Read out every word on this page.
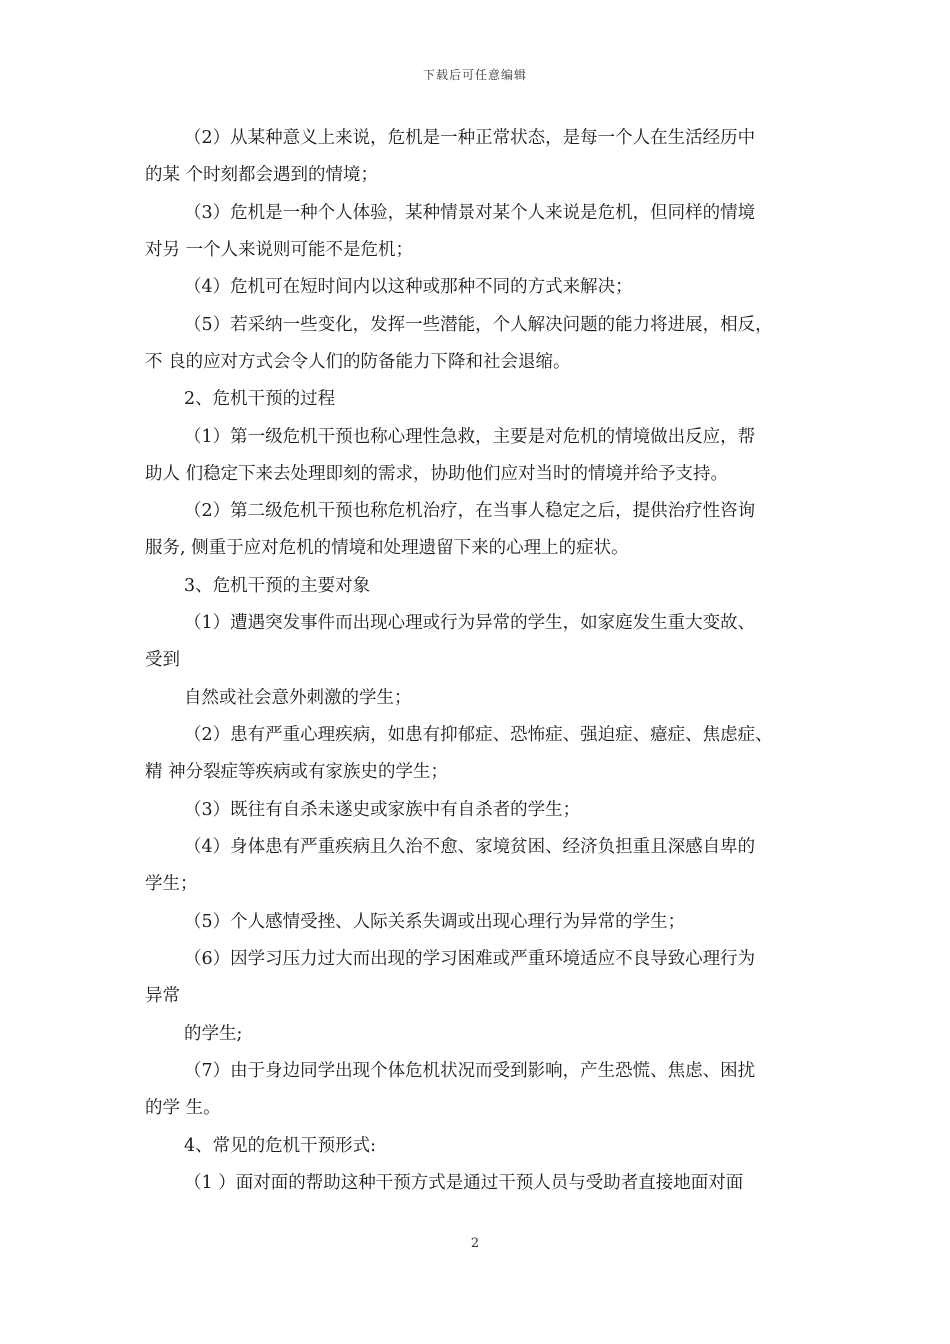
下载后可任意编辑
（2）从某种意义上来说，危机是一种正常状态，是每一个人在生活经历中
的某 个时刻都会遇到的情境；
（3）危机是一种个人体验，某种情景对某个人来说是危机，但同样的情境
对另 一个人来说则可能不是危机；
（4）危机可在短时间内以这种或那种不同的方式来解决；
（5）若采纳一些变化，发挥一些潜能，个人解决问题的能力将进展，相反，
不 良的应对方式会令人们的防备能力下降和社会退缩。
2、危机干预的过程
（1）第一级危机干预也称心理性急救，主要是对危机的情境做出反应，帮
助人 们稳定下来去处理即刻的需求，协助他们应对当时的情境并给予支持。
（2）第二级危机干预也称危机治疗，在当事人稳定之后，提供治疗性咨询
服务, 侧重于应对危机的情境和处理遗留下来的心理上的症状。
3、危机干预的主要对象
（1）遭遇突发事件而出现心理或行为异常的学生，如家庭发生重大变故、
受到
自然或社会意外刺激的学生；
（2）患有严重心理疾病，如患有抑郁症、恐怖症、强迫症、癔症、焦虑症、
精 神分裂症等疾病或有家族史的学生；
（3）既往有自杀未遂史或家族中有自杀者的学生；
（4）身体患有严重疾病且久治不愈、家境贫困、经济负担重且深感自卑的
学生；
（5）个人感情受挫、人际关系失调或出现心理行为异常的学生；
（6）因学习压力过大而出现的学习困难或严重环境适应不良导致心理行为
异常
的学生;
（7）由于身边同学出现个体危机状况而受到影响，产生恐慌、焦虑、困扰
的学 生。
4、常见的危机干预形式:
（1 ）面对面的帮助这种干预方式是通过干预人员与受助者直接地面对面
2
